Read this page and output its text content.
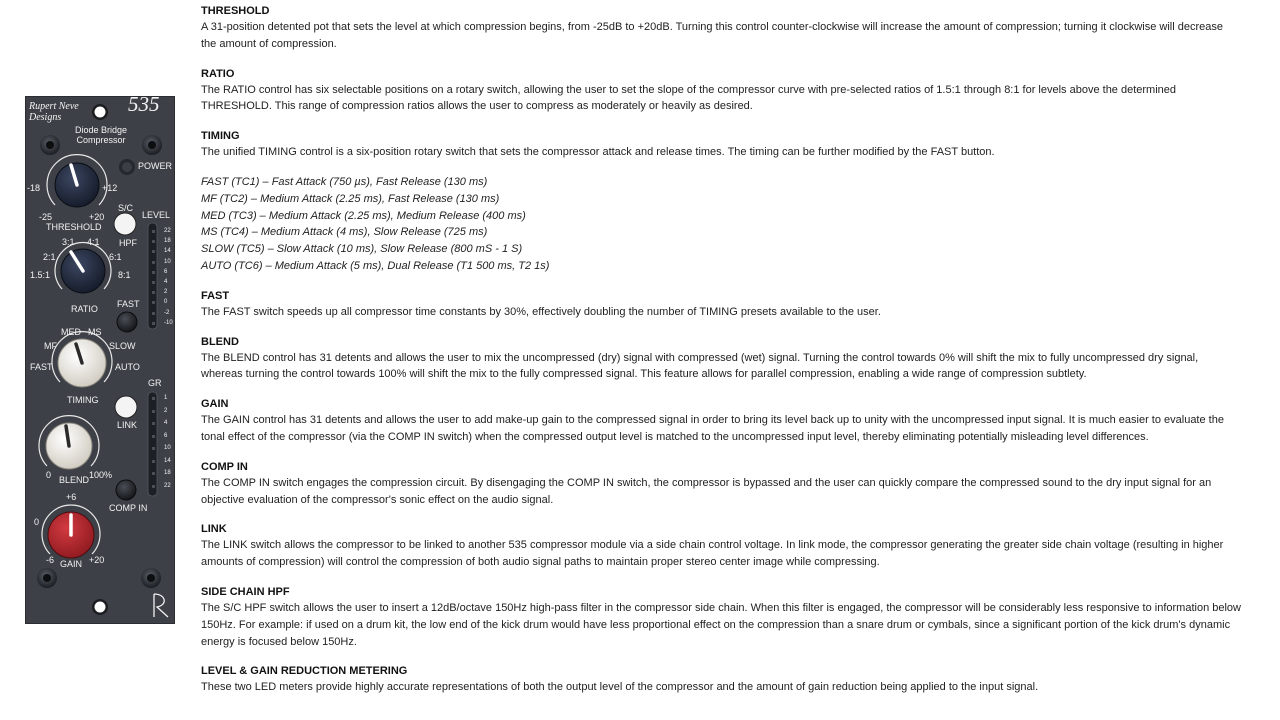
Rupert Neve
Designs
535
Diode Bridge
Compressor
POWER
-18	+12
-25	+20
THRESHOLD
S/C
HPF
LEVEL
22
18
14
10
6
4
2
0
-2
-10
3:1 4:1
2:1	6:1
1.5:1	8:1
RATIO FAST
MED MS
MF	SLOW
FAST	AUTO
TIMING
GR
1
2
4
6
10
14
18
22
LINK
0 BLEND 100%
COMP IN
+6
0
-6 GAIN +20
THRESHOLD

A 31-position detented pot that sets the level at which compression begins, from -25dB to +20dB. Turning this control counter-clockwise will increase the amount of compression; turning it clockwise will decrease the amount of compression.

RATIO

The RATIO control has six selectable positions on a rotary switch, allowing the user to set the slope of the compressor curve with pre-selected ratios of 1.5:1 through 8:1 for levels above the determined THRESHOLD. This range of compression ratios allows the user to compress as moderately or heavily as desired.

TIMING

The unified TIMING control is a six-position rotary switch that sets the compressor attack and release times. The timing can be further modified by the FAST button.

FAST (TC1) – Fast Attack (750 µs), Fast Release (130 ms)
MF (TC2) – Medium Attack (2.25 ms), Fast Release (130 ms)
MED (TC3) – Medium Attack (2.25 ms), Medium Release (400 ms)
MS (TC4) – Medium Attack (4 ms), Slow Release (725 ms)
SLOW (TC5) – Slow Attack (10 ms), Slow Release (800 mS - 1 S)
AUTO (TC6) – Medium Attack (5 ms), Dual Release (T1 500 ms, T2 1s)
FAST

The FAST switch speeds up all compressor time constants by 30%, effectively doubling the number of TIMING presets available to the user.

BLEND

The BLEND control has 31 detents and allows the user to mix the uncompressed (dry) signal with compressed (wet) signal. Turning the control towards 0% will shift the mix to fully uncompressed dry signal, whereas turning the control towards 100% will shift the mix to the fully compressed signal. This feature allows for parallel compression, enabling a wide range of compression subtlety.

GAIN

The GAIN control has 31 detents and allows the user to add make-up gain to the compressed signal in order to bring its level back up to unity with the uncompressed input signal. It is much easier to evaluate the tonal effect of the compressor (via the COMP IN switch) when the compressed output level is matched to the uncompressed input level, thereby eliminating potentially misleading level differences.

COMP IN

The COMP IN switch engages the compression circuit. By disengaging the COMP IN switch, the compressor is bypassed and the user can quickly compare the compressed sound to the dry input signal for an objective evaluation of the compressor's sonic effect on the audio signal.

LINK

The LINK switch allows the compressor to be linked to another 535 compressor module via a side chain control voltage. In link mode, the compressor generating the greater side chain voltage (resulting in higher amounts of compression) will control the compression of both audio signal paths to maintain proper stereo center image while compressing.

SIDE CHAIN HPF

The S/C HPF switch allows the user to insert a 12dB/octave 150Hz high-pass filter in the compressor side chain. When this filter is engaged, the compressor will be considerably less responsive to information below 150Hz. For example: if used on a drum kit, the low end of the kick drum would have less proportional effect on the compression than a snare drum or cymbals, since a significant portion of the kick drum's dynamic energy is focused below 150Hz.

LEVEL & GAIN REDUCTION METERING

These two LED meters provide highly accurate representations of both the output level of the compressor and the amount of gain reduction being applied to the input signal.
